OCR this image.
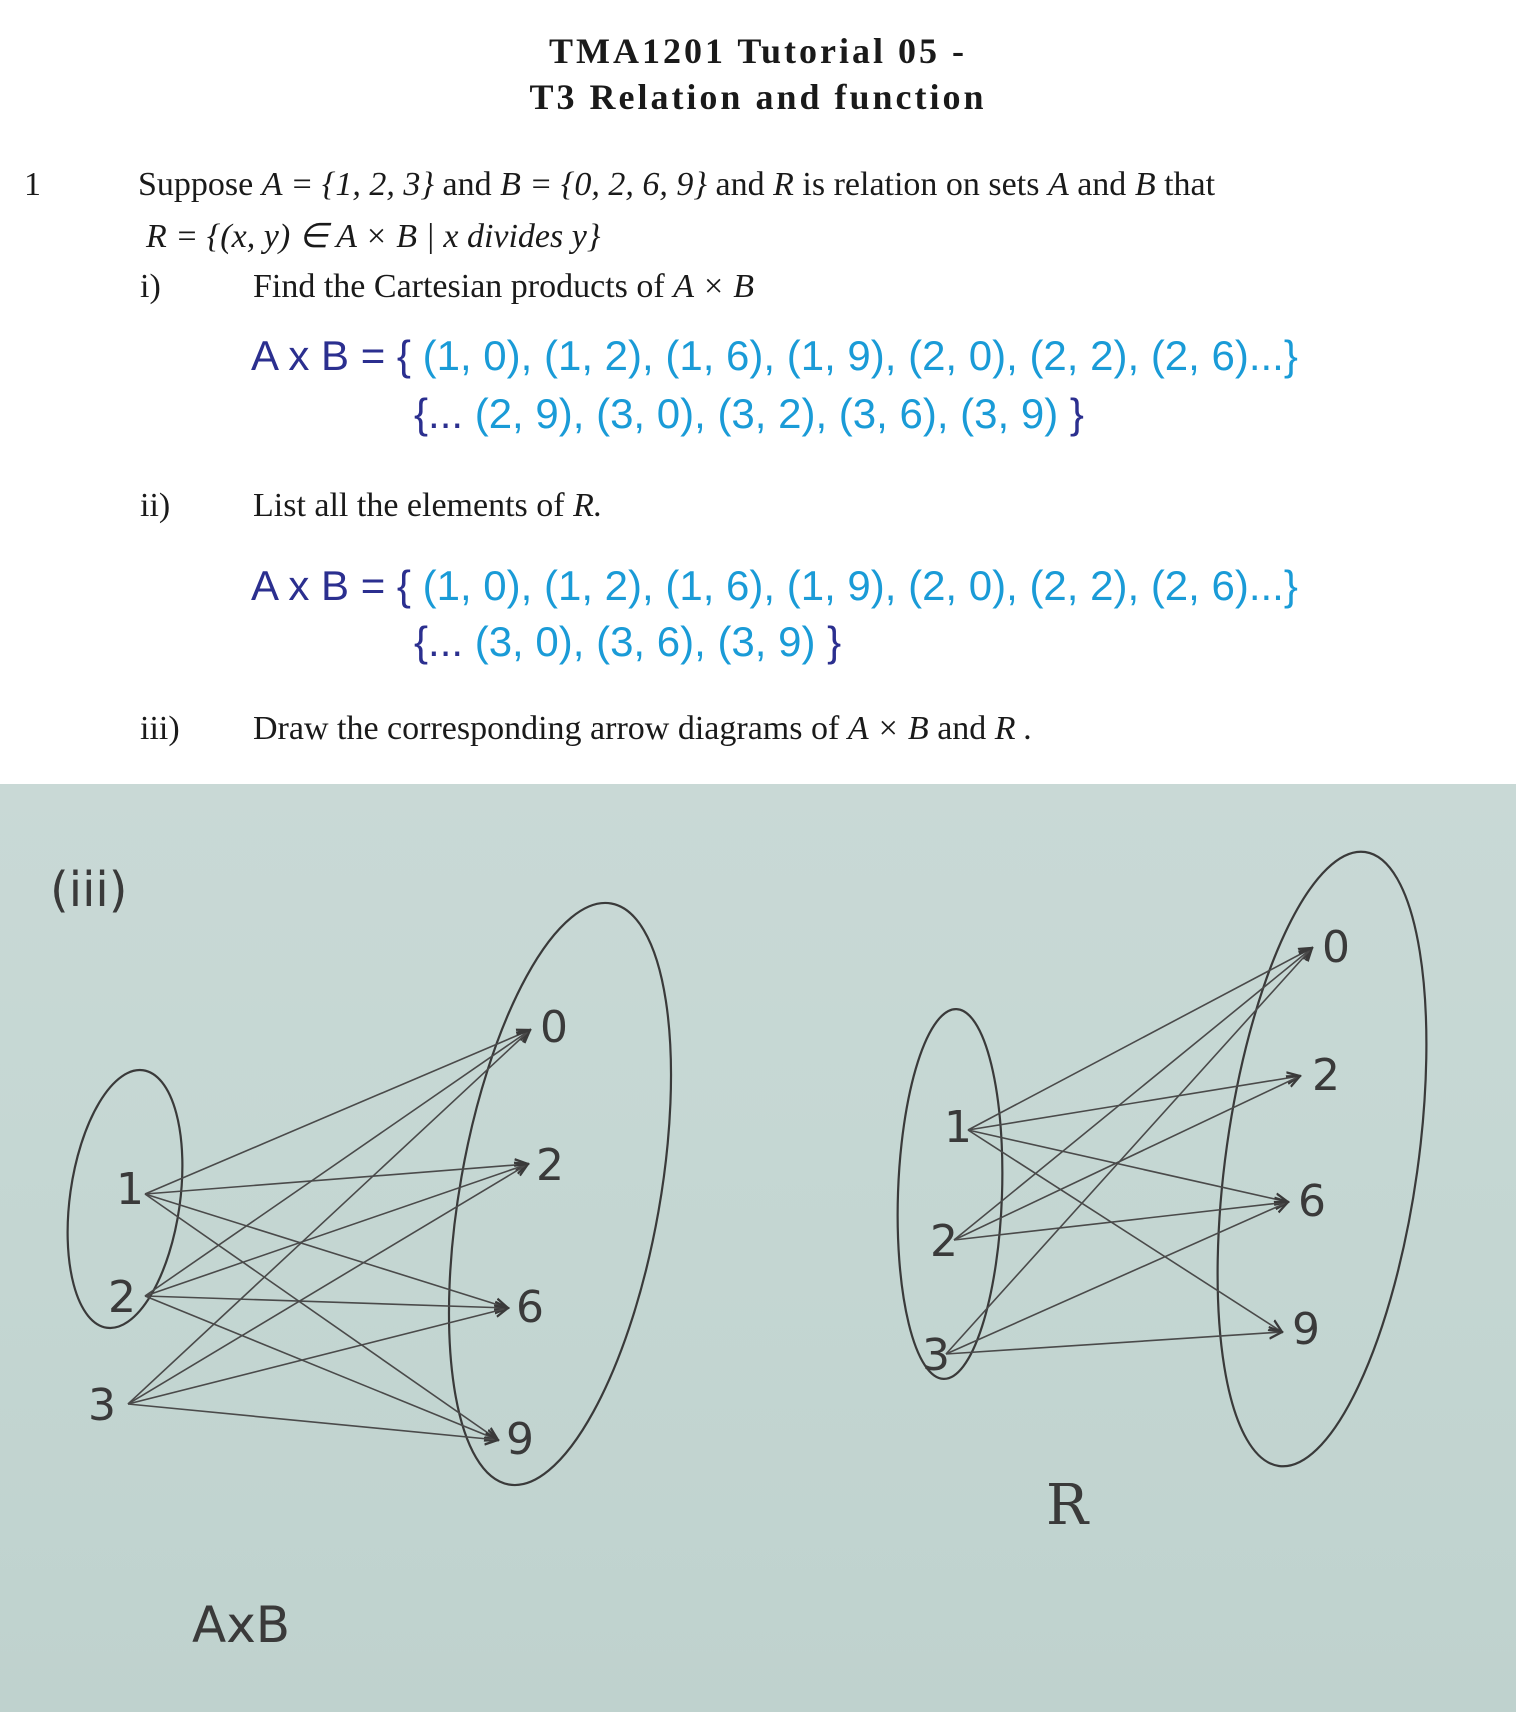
TMA1201 Tutorial 05 -
T3 Relation and function
1	Suppose A = {1, 2, 3} and B = {0, 2, 6, 9} and R is relation on sets A and B that
R = {(x, y) ∈ A × B | x divides y}
i)	Find the Cartesian products of A × B
A x B = { (1, 0), (1, 2), (1, 6), (1, 9), (2, 0), (2, 2), (2, 6)...}
{... (2, 9), (3, 0), (3, 2), (3, 6), (3, 9) }
ii) List all the elements of R.
A x B = { (1, 0), (1, 2), (1, 6), (1, 9), (2, 0), (2, 2), (2, 6)...}
{... (3, 0), (3, 6), (3, 9) }
iii) Draw the corresponding arrow diagrams of A × B and R .
(iii)
1
2
3
0
2
6
9
AxB
1
2
3
0
2
6
9
R
